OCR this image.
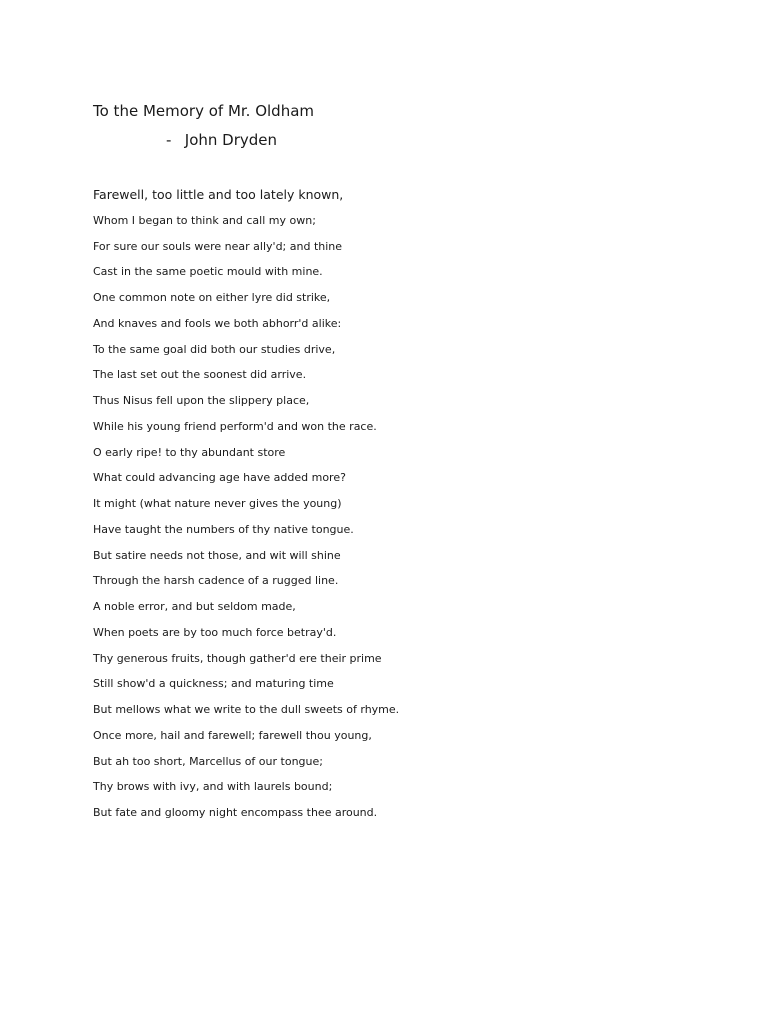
To the Memory of Mr. Oldham
- John Dryden
Farewell, too little and too lately known,
Whom I began to think and call my own;
For sure our souls were near ally'd; and thine
Cast in the same poetic mould with mine.
One common note on either lyre did strike,
And knaves and fools we both abhorr'd alike:
To the same goal did both our studies drive,
The last set out the soonest did arrive.
Thus Nisus fell upon the slippery place,
While his young friend perform'd and won the race.
O early ripe! to thy abundant store
What could advancing age have added more?
It might (what nature never gives the young)
Have taught the numbers of thy native tongue.
But satire needs not those, and wit will shine
Through the harsh cadence of a rugged line.
A noble error, and but seldom made,
When poets are by too much force betray'd.
Thy generous fruits, though gather'd ere their prime
Still show'd a quickness; and maturing time
But mellows what we write to the dull sweets of rhyme.
Once more, hail and farewell; farewell thou young,
But ah too short, Marcellus of our tongue;
Thy brows with ivy, and with laurels bound;
But fate and gloomy night encompass thee around.
